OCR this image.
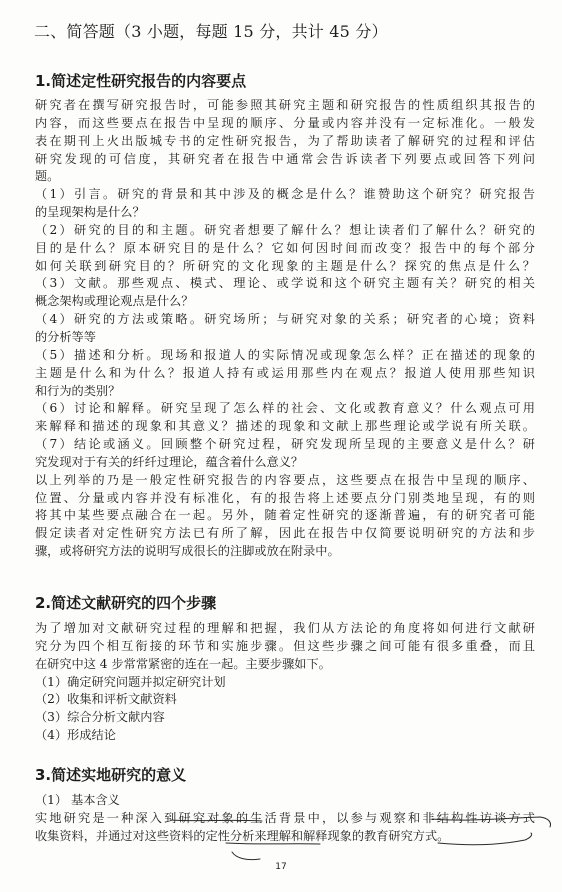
二、简答题（3 小题，每题 15 分，共计 45 分）
1.简述定性研究报告的内容要点
研究者在撰写研究报告时，可能参照其研究主题和研究报告的性质组织其报告的
内容，而这些要点在报告中呈现的顺序、分量或内容并没有一定标准化。一般发
表在期刊上火出版城专书的定性研究报告，为了帮助读者了解研究的过程和评估
研究发现的可信度，其研究者在报告中通常会告诉读者下列要点或回答下列问
题。
（1）引言。研究的背景和其中涉及的概念是什么？谁赞助这个研究？研究报告
的呈现架构是什么？
（2）研究的目的和主题。研究者想要了解什么？想让读者们了解什么？研究的
目的是什么？原本研究目的是什么？它如何因时间而改变？报告中的每个部分
如何关联到研究目的？所研究的文化现象的主题是什么？探究的焦点是什么？
（3）文献。那些观点、模式、理论、或学说和这个研究主题有关？研究的相关
概念架构或理论观点是什么？
（4）研究的方法或策略。研究场所；与研究对象的关系；研究者的心境；资料
的分析等等
（5）描述和分析。现场和报道人的实际情况或现象怎么样？正在描述的现象的
主题是什么和为什么？报道人持有或运用那些内在观点？报道人使用那些知识
和行为的类别？
（6）讨论和解释。研究呈现了怎么样的社会、文化或教育意义？什么观点可用
来解释和描述的现象和其意义？描述的现象和文献上那些理论或学说有所关联。
（7）结论或涵义。回顾整个研究过程，研究发现所呈现的主要意义是什么？研
究发现对于有关的纤纤过理论，蕴含着什么意义？
以上列举的乃是一般定性研究报告的内容要点，这些要点在报告中呈现的顺序、
位置、分量或内容并没有标准化，有的报告将上述要点分门别类地呈现，有的则
将其中某些要点融合在一起。另外，随着定性研究的逐渐普遍，有的研究者可能
假定读者对定性研究方法已有所了解，因此在报告中仅简要说明研究的方法和步
骤，或将研究方法的说明写成很长的注脚或放在附录中。
2.简述文献研究的四个步骤
为了增加对文献研究过程的理解和把握，我们从方法论的角度将如何进行文献研
究分为四个相互衔接的环节和实施步骤。但这些步骤之间可能有很多重叠，而且
在研究中这 4 步常常紧密的连在一起。主要步骤如下。
（1）确定研究问题并拟定研究计划
（2）收集和评析文献资料
（3）综合分析文献内容
（4）形成结论
3.简述实地研究的意义
（1） 基本含义
实地研究是一种深入到研究对象的生活背景中，以参与观察和非结构性访谈方式
收集资料，并通过对这些资料的定性分析来理解和解释现象的教育研究方式。
17
